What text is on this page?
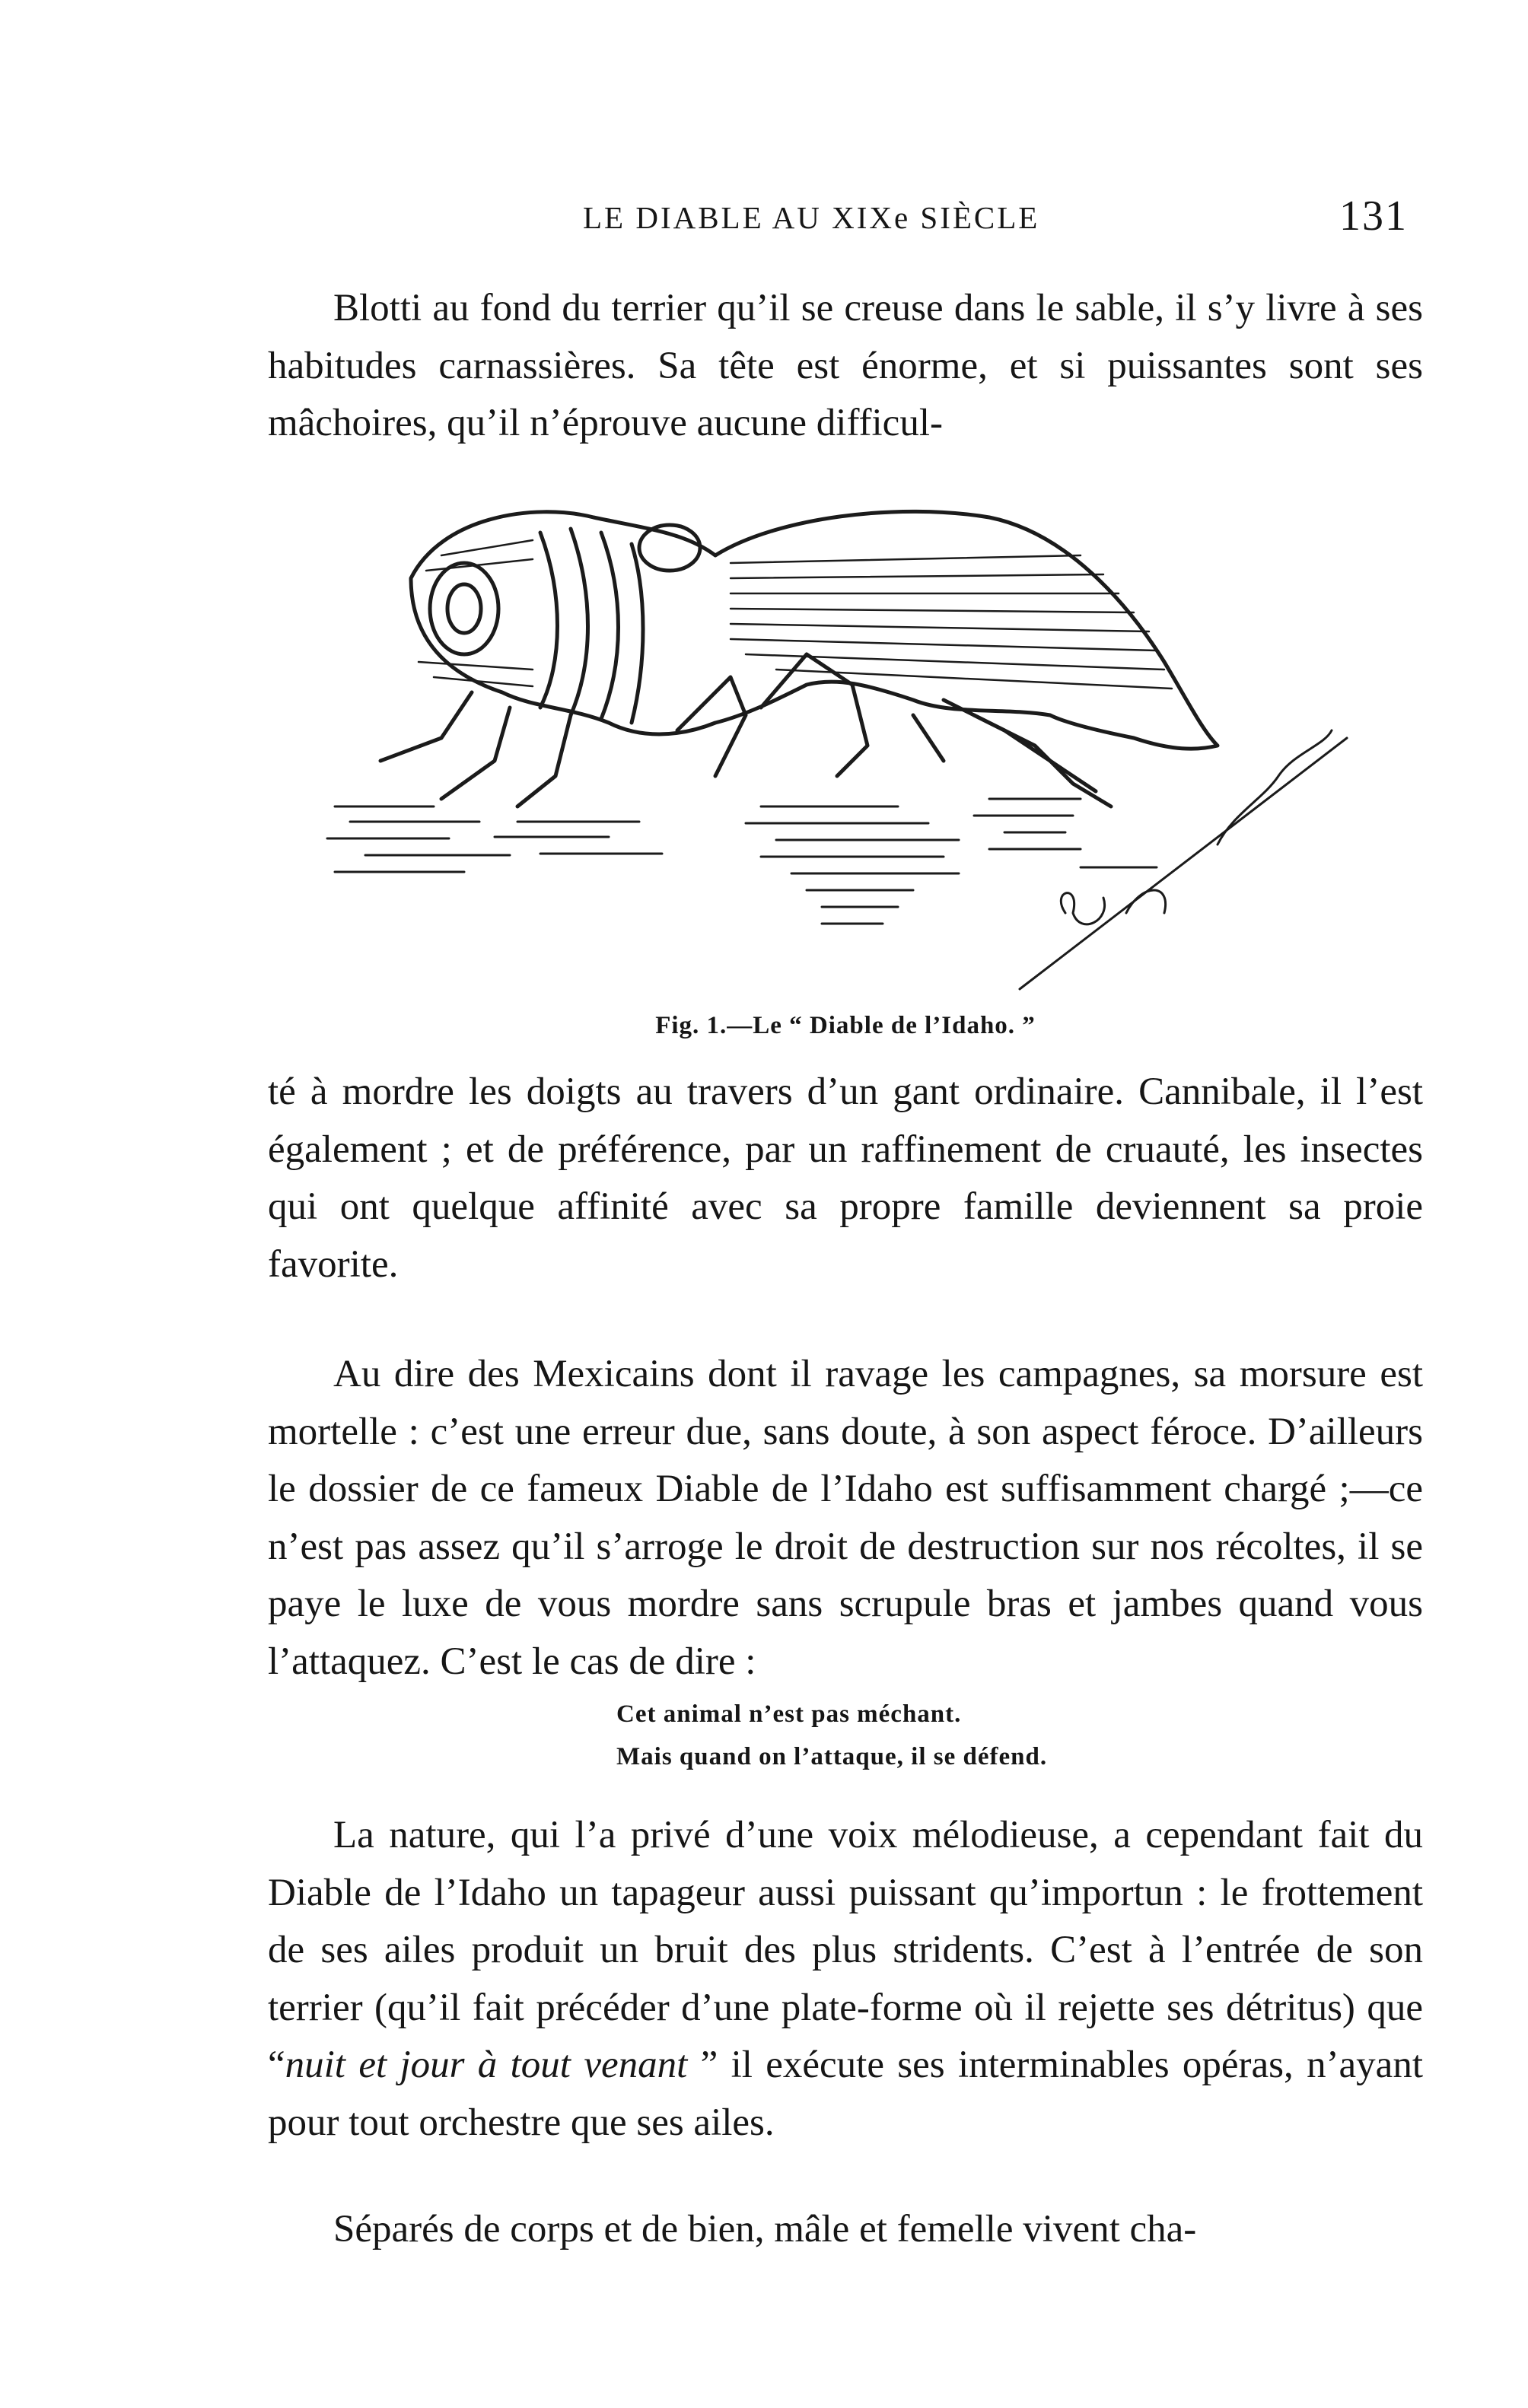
LE DIABLE AU XIXe SIÈCLE	131

Blotti au fond du terrier qu’il se creuse dans le sable, il s’y livre à ses habitudes carnassières. Sa tête est énorme, et si puissantes sont ses mâchoires, qu’il n’éprouve aucune difficul-

Fig. 1.—Le “ Diable de l’Idaho. ”

té à mordre les doigts au travers d’un gant ordinaire. Cannibale, il l’est également ; et de préférence, par un raffinement de cruauté, les insectes qui ont quelque affinité avec sa propre famille deviennent sa proie favorite.

Au dire des Mexicains dont il ravage les campagnes, sa morsure est mortelle : c’est une erreur due, sans doute, à son aspect féroce. D’ailleurs le dossier de ce fameux Diable de l’Idaho est suffisamment chargé ;—ce n’est pas assez qu’il s’arroge le droit de destruction sur nos récoltes, il se paye le luxe de vous mordre sans scrupule bras et jambes quand vous l’attaquez. C’est le cas de dire :

Cet animal n’est pas méchant.
Mais quand on l’attaque, il se défend.

La nature, qui l’a privé d’une voix mélodieuse, a cependant fait du Diable de l’Idaho un tapageur aussi puissant qu’importun : le frottement de ses ailes produit un bruit des plus stridents. C’est à l’entrée de son terrier (qu’il fait précéder d’une plate-forme où il rejette ses détritus) que “nuit et jour à tout venant ” il exécute ses interminables opéras, n’ayant pour tout orchestre que ses ailes.

Séparés de corps et de bien, mâle et femelle vivent cha-
